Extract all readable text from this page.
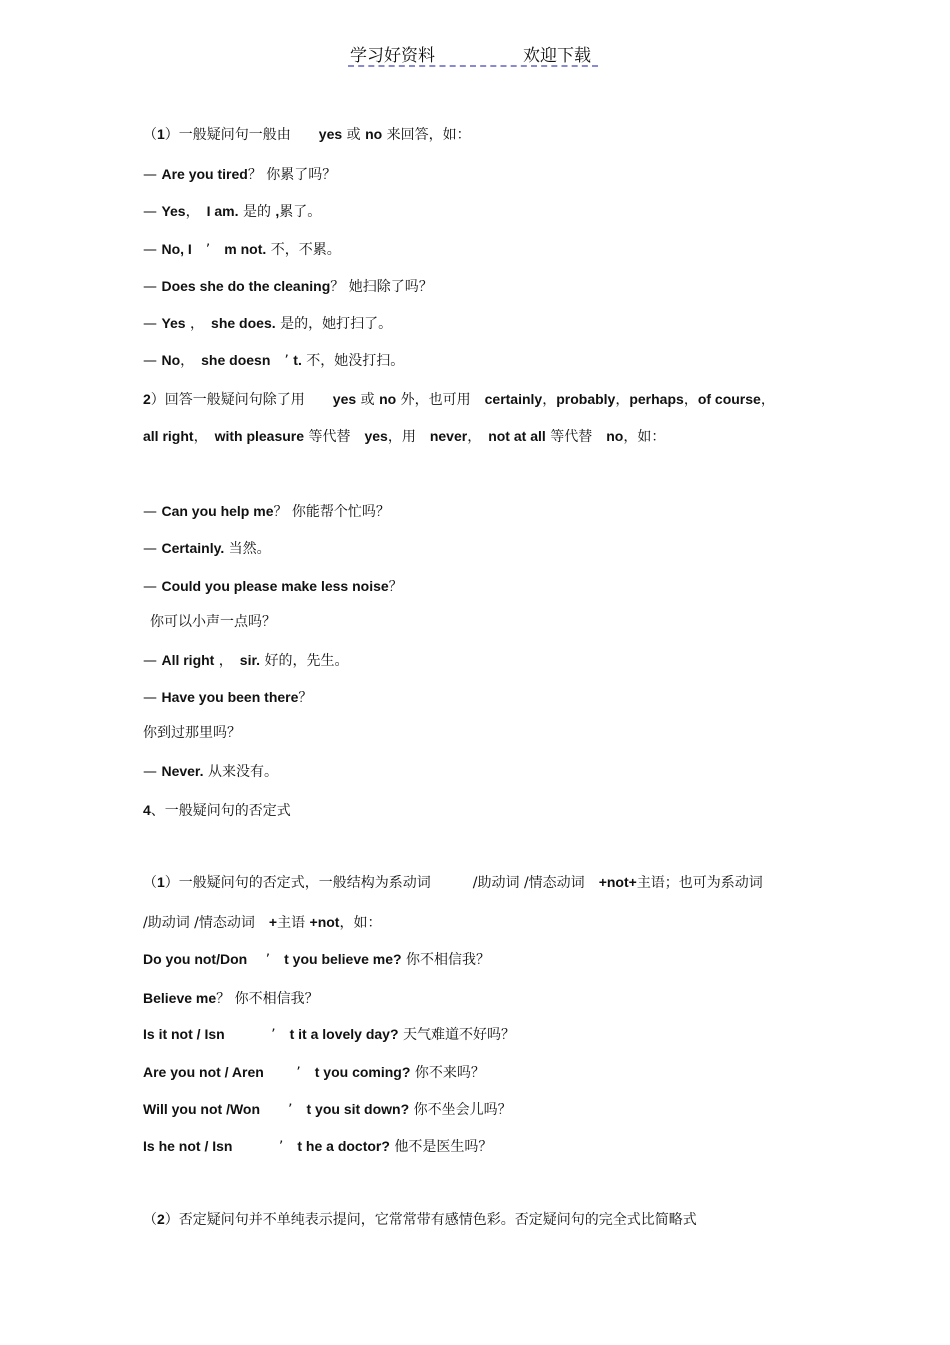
学习好资料	欢迎下载
（1）一般疑问句一般由　　yes 或 no 来回答，如：
— Are you tired？ 你累了吗？
— Yes，　I am. 是的 ,累了。
— No, I　’　m not. 不，不累。
— Does she do the cleaning？ 她扫除了吗？
— Yes ，　she does. 是的，她打扫了。
— No，　she doesn　’ t. 不，她没打扫。
2）回答一般疑问句除了用　　yes 或 no 外，也可用　certainly，probably，perhaps，of course，
all right，　with pleasure 等代替　yes，用　never，　not at all 等代替　no，如：
— Can you help me？ 你能帮个忙吗？
— Certainly. 当然。
— Could you please make less noise？
你可以小声一点吗？
— All right ，　sir. 好的，先生。
— Have you been there？
你到过那里吗？
— Never. 从来没有。
4、一般疑问句的否定式
（1）一般疑问句的否定式，一般结构为系动词　　　/助动词 /情态动词　+not+主语；也可为系动词
/助动词 /情态动词　+主语 +not，如：
Do you not/Don　 ’　t you believe me? 你不相信我？
Believe me？ 你不相信我？
Is it not / Isn　　　 ’　t it a lovely day? 天气难道不好吗？
Are you not / Aren　　 ’　t you coming? 你不来吗？
Will you not /Won　　’　t you sit down? 你不坐会儿吗？
Is he not / Isn　　　 ’　t he a doctor? 他不是医生吗？
（2）否定疑问句并不单纯表示提问，它常常带有感情色彩。否定疑问句的完全式比简略式
